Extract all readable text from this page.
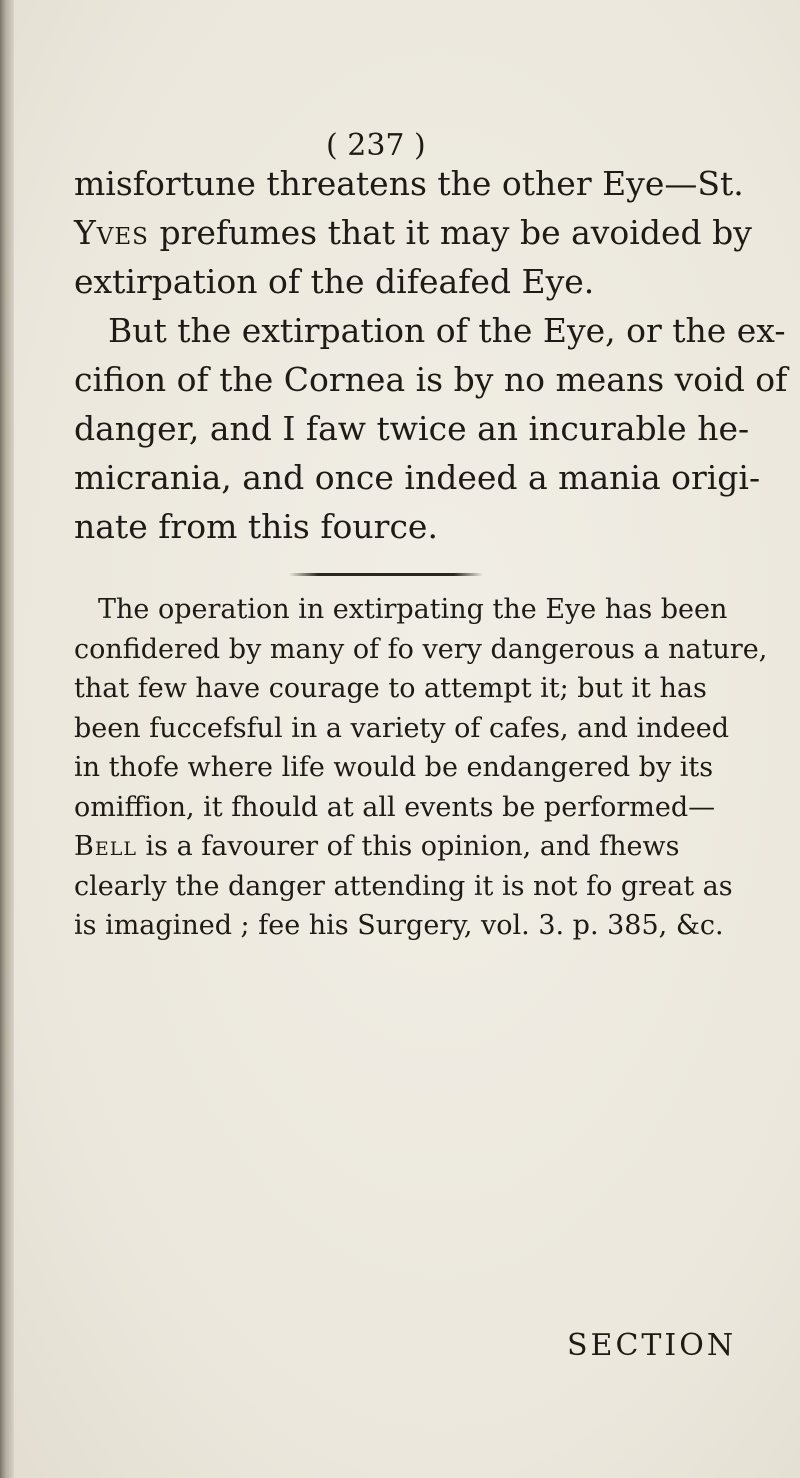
( 237 )
misfortune threatens the other Eye—St.
Yves prefumes that it may be avoided by
extirpation of the difeafed Eye.
But the extirpation of the Eye, or the ex-
cifion of the Cornea is by no means void of
danger, and I faw twice an incurable he-
micrania, and once indeed a mania origi-
nate from this fource.
The operation in extirpating the Eye has been
confidered by many of fo very dangerous a nature,
that few have courage to attempt it; but it has
been fuccefsful in a variety of cafes, and indeed
in thofe where life would be endangered by its
omiffion, it fhould at all events be performed—
Bell is a favourer of this opinion, and fhews
clearly the danger attending it is not fo great as
is imagined ; fee his Surgery, vol. 3. p. 385, &c.
SECTION
